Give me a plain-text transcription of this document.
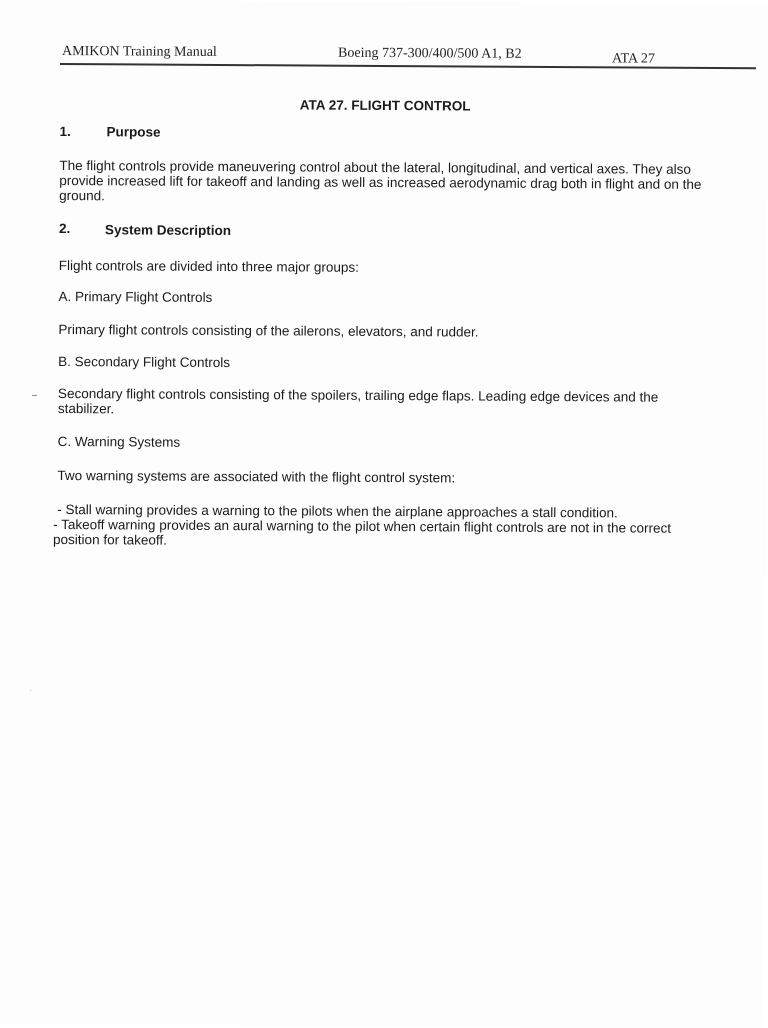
AMIKON Training Manual	Boeing 737-300/400/500 A1, B2	ATA 27
ATA 27. FLIGHT CONTROL
1.	Purpose
The flight controls provide maneuvering control about the lateral, longitudinal, and vertical axes. They also provide increased lift for takeoff and landing as well as increased aerodynamic drag both in flight and on the ground.
2.	System Description
Flight controls are divided into three major groups:
A. Primary Flight Controls
Primary flight controls consisting of the ailerons, elevators, and rudder.
B. Secondary Flight Controls
Secondary flight controls consisting of the spoilers, trailing edge flaps. Leading edge devices and the stabilizer.
C. Warning Systems
Two warning systems are associated with the flight control system:
- Stall warning provides a warning to the pilots when the airplane approaches a stall condition.
- Takeoff warning provides an aural warning to the pilot when certain flight controls are not in the correct position for takeoff.
